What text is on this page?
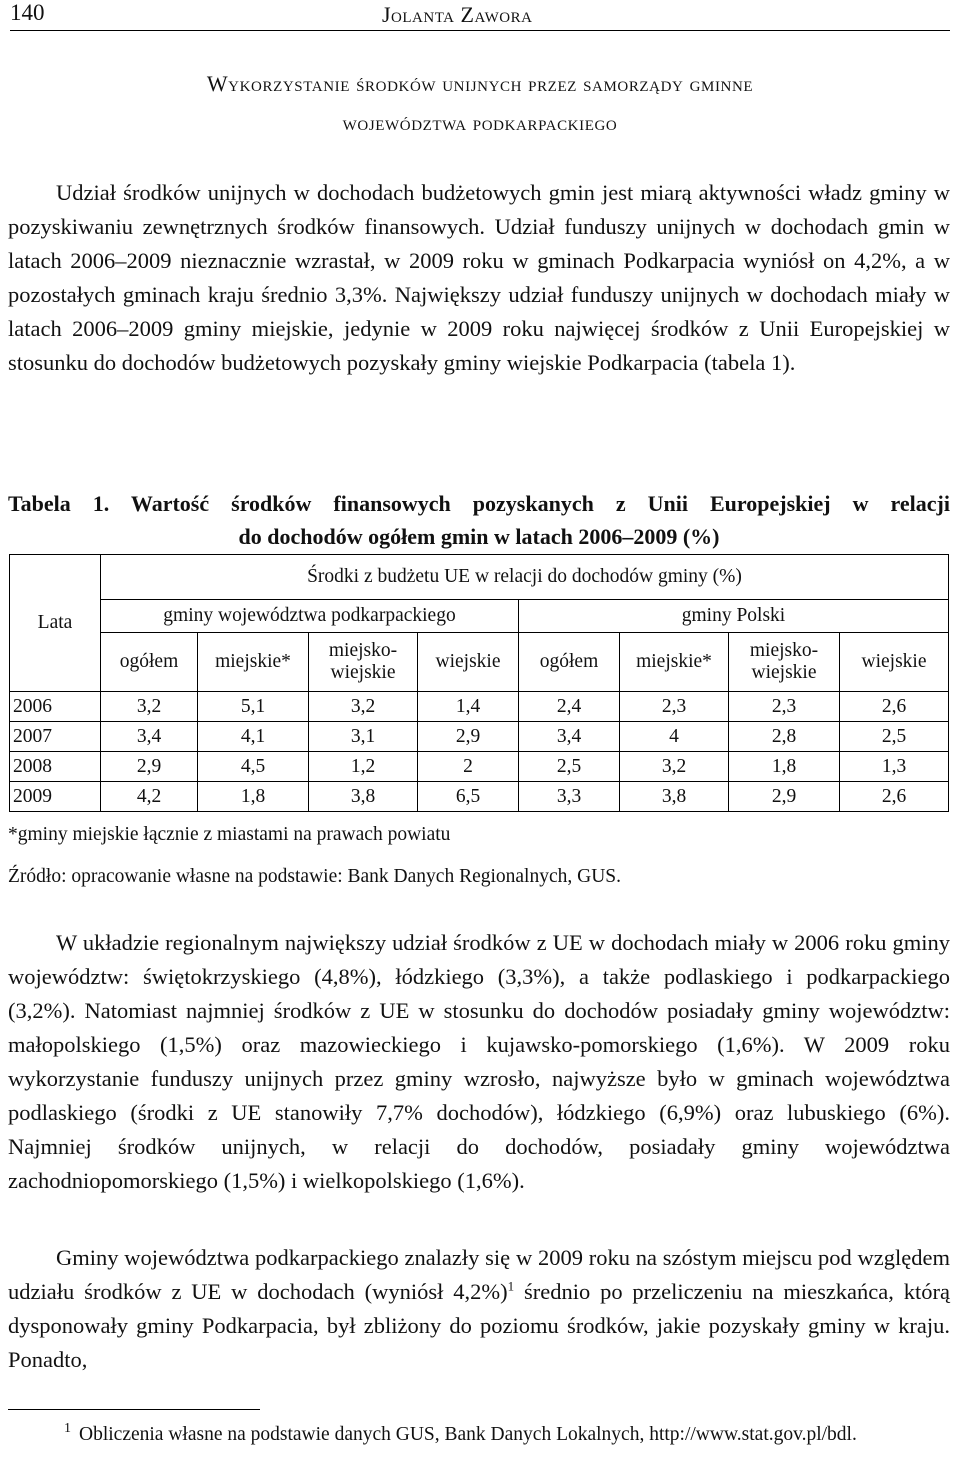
140	Jolanta Zawora
Wykorzystanie środków unijnych przez samorządy gminne
województwa podkarpackiego

Udział środków unijnych w dochodach budżetowych gmin jest miarą aktywności władz gminy w pozyskiwaniu zewnętrznych środków finansowych. Udział funduszy unijnych w dochodach gmin w latach 2006–2009 nieznacznie wzrastał, w 2009 roku w gminach Podkarpacia wyniósł on 4,2%, a w pozostałych gminach kraju średnio 3,3%. Największy udział funduszy unijnych w dochodach miały w latach 2006–2009 gminy miejskie, jedynie w 2009 roku najwięcej środków z Unii Europejskiej w stosunku do dochodów budżetowych pozyskały gminy wiejskie Podkarpacia (tabela 1).

Tabela 1. Wartość środków finansowych pozyskanych z Unii Europejskiej w relacji
do dochodów ogółem gmin w latach 2006–2009 (%)
Lata	Środki z budżetu UE w relacji do dochodów gminy (%)							
	gminy województwa podkarpackiego				gminy Polski			
	ogółem	miejskie*	miejsko-wiejskie	wiejskie	ogółem	miejskie*	miejsko-wiejskie	wiejskie
2006	3,2	5,1	3,2	1,4	2,4	2,3	2,3	2,6
2007	3,4	4,1	3,1	2,9	3,4	4	2,8	2,5
2008	2,9	4,5	1,2	2	2,5	3,2	1,8	1,3
2009	4,2	1,8	3,8	6,5	3,3	3,8	2,9	2,6
*gminy miejskie łącznie z miastami na prawach powiatu
Źródło: opracowanie własne na podstawie: Bank Danych Regionalnych, GUS.

W układzie regionalnym największy udział środków z UE w dochodach miały w 2006 roku gminy województw: świętokrzyskiego (4,8%), łódzkiego (3,3%), a także podlaskiego i podkarpackiego (3,2%). Natomiast najmniej środków z UE w stosunku do dochodów posiadały gminy województw: małopolskiego (1,5%) oraz mazowieckiego i kujawsko-pomorskiego (1,6%). W 2009 roku wykorzystanie funduszy unijnych przez gminy wzrosło, najwyższe było w gminach województwa podlaskiego (środki z UE stanowiły 7,7% dochodów), łódzkiego (6,9%) oraz lubuskiego (6%). Najmniej środków unijnych, w relacji do dochodów, posiadały gminy województwa zachodniopomorskiego (1,5%) i wielkopolskiego (1,6%).

Gminy województwa podkarpackiego znalazły się w 2009 roku na szóstym miejscu pod względem udziału środków z UE w dochodach (wyniósł 4,2%)$^1$ średnio po przeliczeniu na mieszkańca, którą dysponowały gminy Podkarpacia, był zbliżony do poziomu środków, jakie pozyskały gminy w kraju. Ponadto,

$^1$ Obliczenia własne na podstawie danych GUS, Bank Danych Lokalnych, http://www.stat.gov.pl/bdl.
